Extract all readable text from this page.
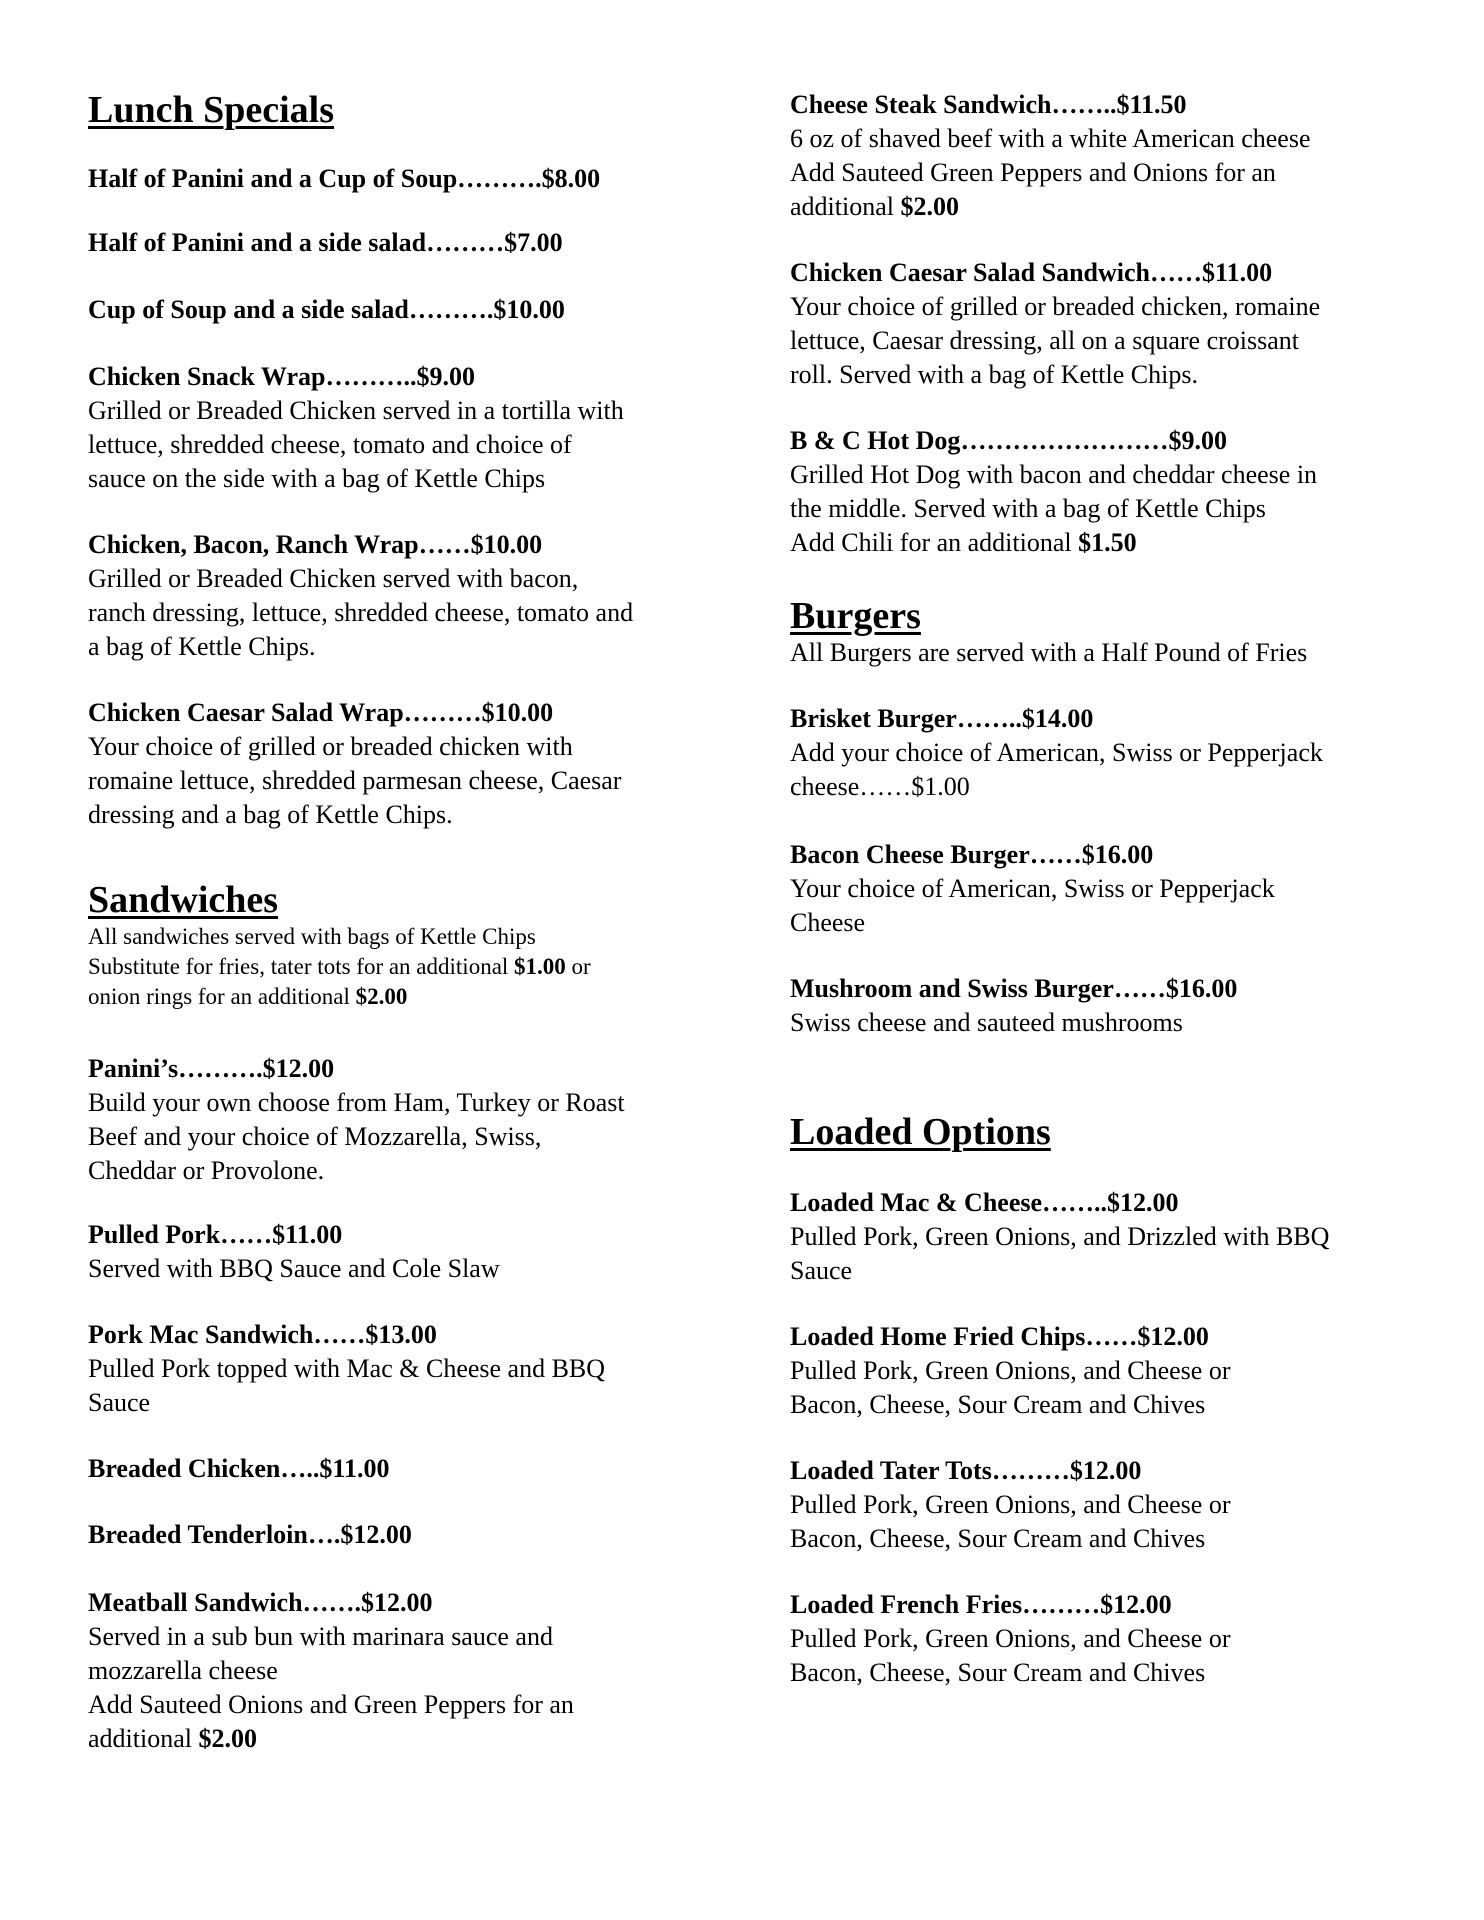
Lunch Specials
Half of Panini and a Cup of Soup……….$8.00
Half of Panini and a side salad………$7.00
Cup of Soup and a side salad……….$10.00
Chicken Snack Wrap………..$9.00
Grilled or Breaded Chicken served in a tortilla with
lettuce, shredded cheese, tomato and choice of
sauce on the side with a bag of Kettle Chips
Chicken, Bacon, Ranch Wrap……$10.00
Grilled or Breaded Chicken served with bacon,
ranch dressing, lettuce, shredded cheese, tomato and
a bag of Kettle Chips.
Chicken Caesar Salad Wrap………$10.00
Your choice of grilled or breaded chicken with
romaine lettuce, shredded parmesan cheese, Caesar
dressing and a bag of Kettle Chips.
Sandwiches
All sandwiches served with bags of Kettle Chips
Substitute for fries, tater tots for an additional $1.00 or
onion rings for an additional $2.00
Panini’s……….$12.00
Build your own choose from Ham, Turkey or Roast
Beef and your choice of Mozzarella, Swiss,
Cheddar or Provolone.
Pulled Pork……$11.00
Served with BBQ Sauce and Cole Slaw
Pork Mac Sandwich……$13.00
Pulled Pork topped with Mac & Cheese and BBQ
Sauce
Breaded Chicken…..$11.00
Breaded Tenderloin….$12.00
Meatball Sandwich…….$12.00
Served in a sub bun with marinara sauce and
mozzarella cheese
Add Sauteed Onions and Green Peppers for an
additional $2.00
Cheese Steak Sandwich……..$11.50
6 oz of shaved beef with a white American cheese
Add Sauteed Green Peppers and Onions for an
additional $2.00
Chicken Caesar Salad Sandwich……$11.00
Your choice of grilled or breaded chicken, romaine
lettuce, Caesar dressing, all on a square croissant
roll. Served with a bag of Kettle Chips.
B & C Hot Dog……………………$9.00
Grilled Hot Dog with bacon and cheddar cheese in
the middle. Served with a bag of Kettle Chips
Add Chili for an additional $1.50
Burgers
All Burgers are served with a Half Pound of Fries
Brisket Burger……..$14.00
Add your choice of American, Swiss or Pepperjack
cheese……$1.00
Bacon Cheese Burger……$16.00
Your choice of American, Swiss or Pepperjack
Cheese
Mushroom and Swiss Burger……$16.00
Swiss cheese and sauteed mushrooms
Loaded Options
Loaded Mac & Cheese……..$12.00
Pulled Pork, Green Onions, and Drizzled with BBQ
Sauce
Loaded Home Fried Chips……$12.00
Pulled Pork, Green Onions, and Cheese or
Bacon, Cheese, Sour Cream and Chives
Loaded Tater Tots………$12.00
Pulled Pork, Green Onions, and Cheese or
Bacon, Cheese, Sour Cream and Chives
Loaded French Fries………$12.00
Pulled Pork, Green Onions, and Cheese or
Bacon, Cheese, Sour Cream and Chives
